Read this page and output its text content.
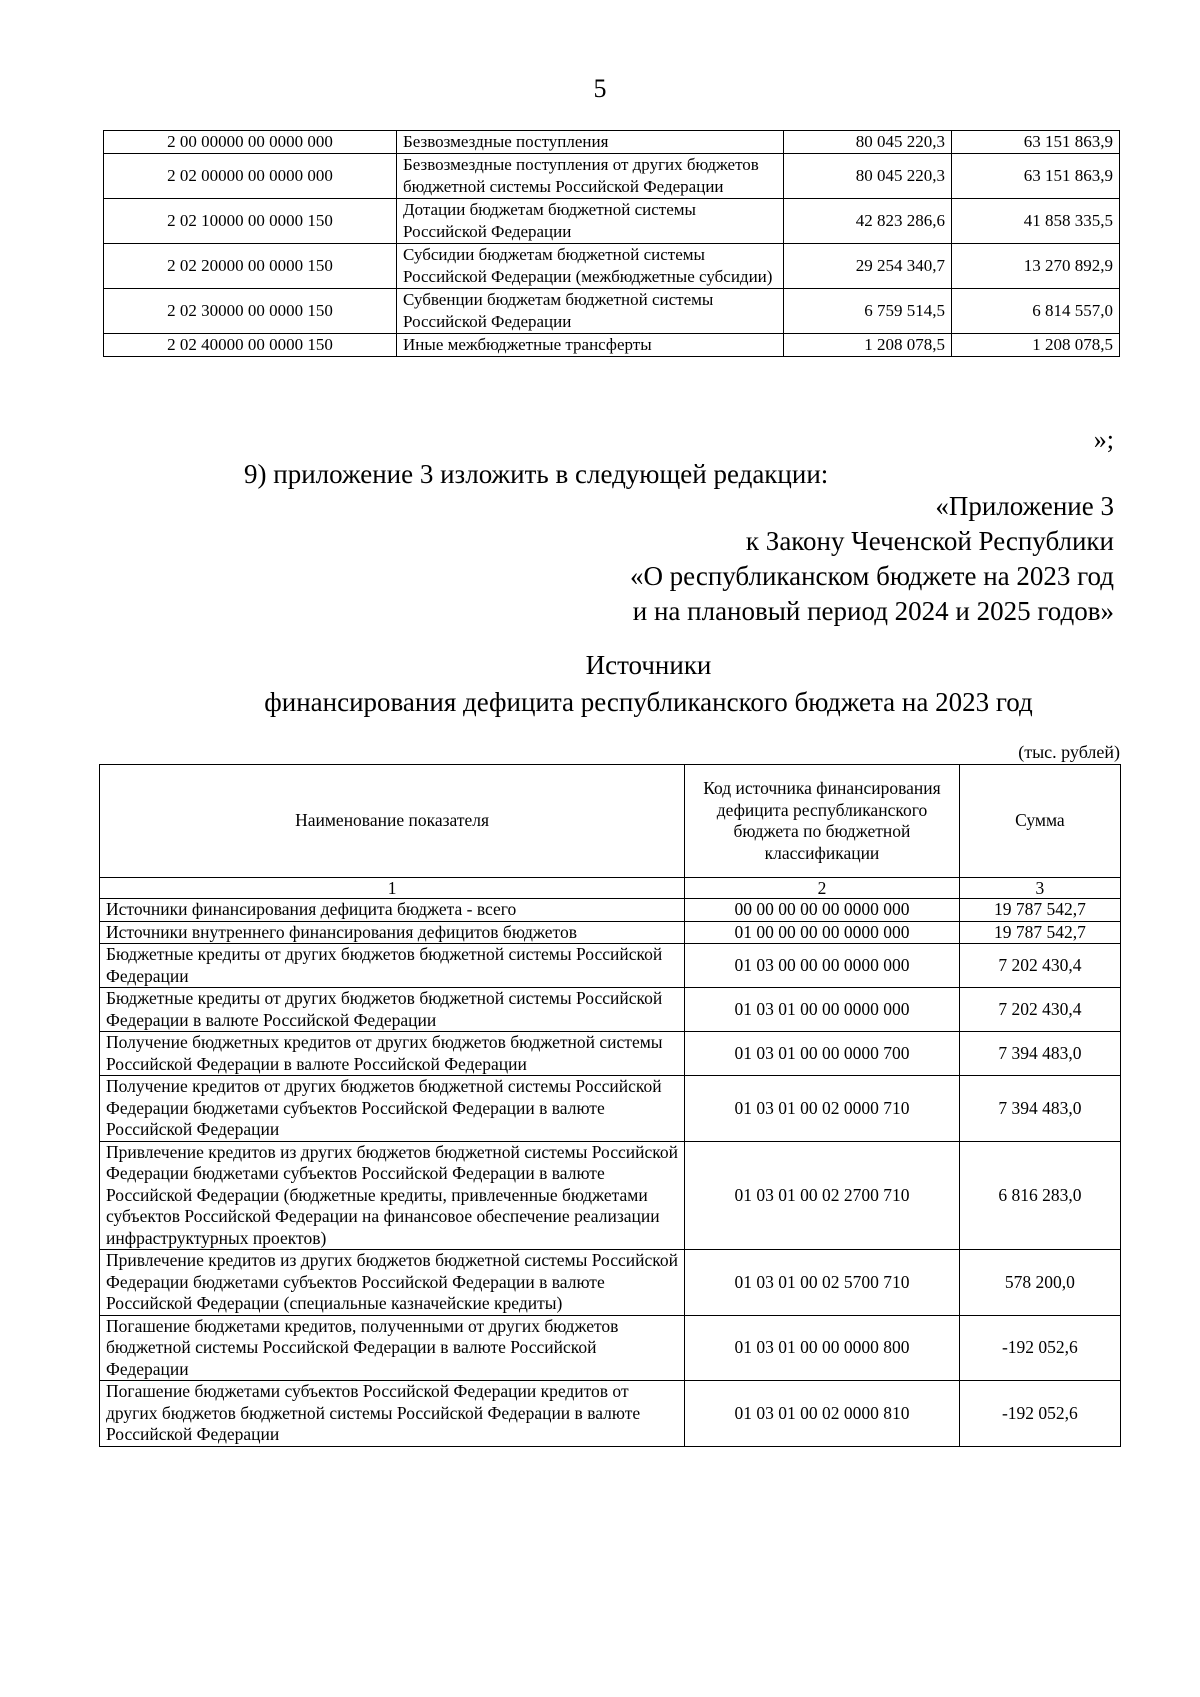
5
2 00 00000 00 0000 000	Безвозмездные поступления	80 045 220,3	63 151 863,9
2 02 00000 00 0000 000	Безвозмездные поступления от других бюджетов бюджетной системы Российской Федерации	80 045 220,3	63 151 863,9
2 02 10000 00 0000 150	Дотации бюджетам бюджетной системы Российской Федерации	42 823 286,6	41 858 335,5
2 02 20000 00 0000 150	Субсидии бюджетам бюджетной системы Российской Федерации (межбюджетные субсидии)	29 254 340,7	13 270 892,9
2 02 30000 00 0000 150	Субвенции бюджетам бюджетной системы Российской Федерации	6 759 514,5	6 814 557,0
2 02 40000 00 0000 150	Иные межбюджетные трансферты	1 208 078,5	1 208 078,5
»;
9) приложение 3 изложить в следующей редакции:
«Приложение 3
к Закону Чеченской Республики
«О республиканском бюджете на 2023 год
и на плановый период 2024 и 2025 годов»
Источники
финансирования дефицита республиканского бюджета на 2023 год
(тыс. рублей)
Наименование показателя	Код источника финансирования дефицита республиканского бюджета по бюджетной классификации	Сумма
1	2	3
Источники финансирования дефицита бюджета - всего	00 00 00 00 00 0000 000	19 787 542,7
Источники внутреннего финансирования дефицитов бюджетов	01 00 00 00 00 0000 000	19 787 542,7
Бюджетные кредиты от других бюджетов бюджетной системы Российской Федерации	01 03 00 00 00 0000 000	7 202 430,4
Бюджетные кредиты от других бюджетов бюджетной системы Российской Федерации в валюте Российской Федерации	01 03 01 00 00 0000 000	7 202 430,4
Получение бюджетных кредитов от других бюджетов бюджетной системы Российской Федерации в валюте Российской Федерации	01 03 01 00 00 0000 700	7 394 483,0
Получение кредитов от других бюджетов бюджетной системы Российской Федерации бюджетами субъектов Российской Федерации в валюте Российской Федерации	01 03 01 00 02 0000 710	7 394 483,0
Привлечение кредитов из других бюджетов бюджетной системы Российской Федерации бюджетами субъектов Российской Федерации в валюте Российской Федерации (бюджетные кредиты, привлеченные бюджетами субъектов Российской Федерации на финансовое обеспечение реализации инфраструктурных проектов)	01 03 01 00 02 2700 710	6 816 283,0
Привлечение кредитов из других бюджетов бюджетной системы Российской Федерации бюджетами субъектов Российской Федерации в валюте Российской Федерации (специальные казначейские кредиты)	01 03 01 00 02 5700 710	578 200,0
Погашение бюджетами кредитов, полученными от других бюджетов бюджетной системы Российской Федерации в валюте Российской Федерации	01 03 01 00 00 0000 800	-192 052,6
Погашение бюджетами субъектов Российской Федерации кредитов от других бюджетов бюджетной системы Российской Федерации в валюте Российской Федерации	01 03 01 00 02 0000 810	-192 052,6
